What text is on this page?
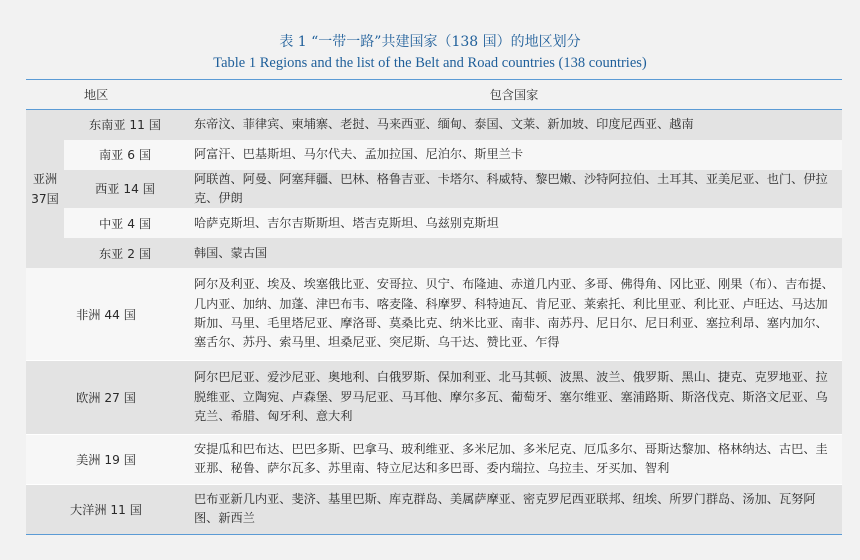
表 1 “一带一路”共建国家（138 国）的地区划分
Table 1 Regions and the list of the Belt and Road countries (138 countries)
地区		包含国家

亚洲
37国	东南亚 11 国	东帝汶、菲律宾、柬埔寨、老挝、马来西亚、缅甸、泰国、文莱、新加坡、印度尼西亚、越南
	南亚 6 国	阿富汗、巴基斯坦、马尔代夫、孟加拉国、尼泊尔、斯里兰卡
	西亚 14 国	阿联酋、阿曼、阿塞拜疆、巴林、格鲁吉亚、卡塔尔、科威特、黎巴嫩、沙特阿拉伯、土耳其、亚美尼亚、也门、伊拉克、伊朗
	中亚 4 国	哈萨克斯坦、吉尔吉斯斯坦、塔吉克斯坦、乌兹别克斯坦
	东亚 2 国	韩国、蒙古国
非洲 44 国		阿尔及利亚、埃及、埃塞俄比亚、安哥拉、贝宁、布隆迪、赤道几内亚、多哥、佛得角、冈比亚、刚果（布）、吉布提、几内亚、加纳、加蓬、津巴布韦、喀麦隆、科摩罗、科特迪瓦、肯尼亚、莱索托、利比里亚、利比亚、卢旺达、马达加斯加、马里、毛里塔尼亚、摩洛哥、莫桑比克、纳米比亚、南非、南苏丹、尼日尔、尼日利亚、塞拉利昂、塞内加尔、塞舌尔、苏丹、索马里、坦桑尼亚、突尼斯、乌干达、赞比亚、乍得
欧洲 27 国		阿尔巴尼亚、爱沙尼亚、奥地利、白俄罗斯、保加利亚、北马其顿、波黑、波兰、俄罗斯、黑山、捷克、克罗地亚、拉脱维亚、立陶宛、卢森堡、罗马尼亚、马耳他、摩尔多瓦、葡萄牙、塞尔维亚、塞浦路斯、斯洛伐克、斯洛文尼亚、乌克兰、希腊、匈牙利、意大利
美洲 19 国		安提瓜和巴布达、巴巴多斯、巴拿马、玻利维亚、多米尼加、多米尼克、厄瓜多尔、哥斯达黎加、格林纳达、古巴、圭亚那、秘鲁、萨尔瓦多、苏里南、特立尼达和多巴哥、委内瑞拉、乌拉圭、牙买加、智利
大洋洲 11 国		巴布亚新几内亚、斐济、基里巴斯、库克群岛、美属萨摩亚、密克罗尼西亚联邦、纽埃、所罗门群岛、汤加、瓦努阿图、新西兰
